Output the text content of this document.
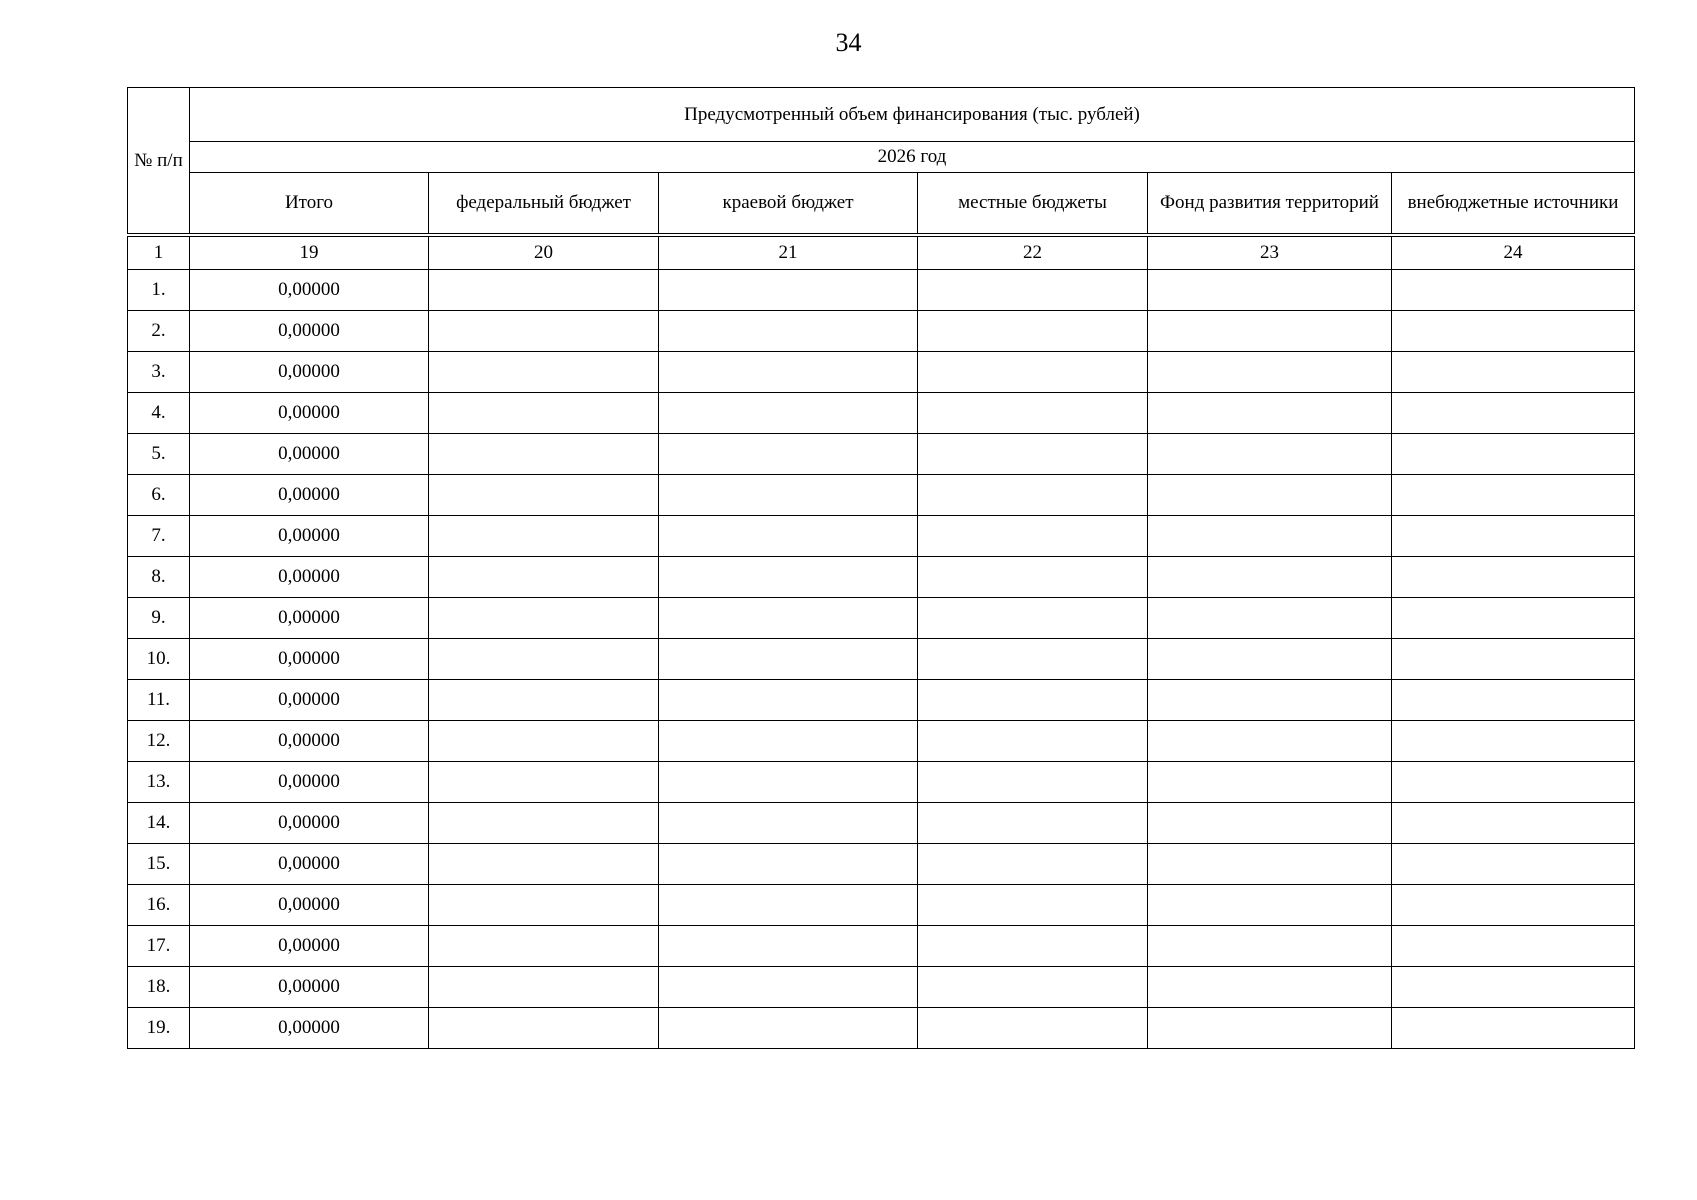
34
№ п/п	Предусмотренный объем финансирования (тыс. рублей)					
	2026 год					
	Итого	федеральный бюджет	краевой бюджет	местные бюджеты	Фонд развития территорий	внебюджетные источники
1	19	20	21	22	23	24
1.	0,00000					
2.	0,00000					
3.	0,00000					
4.	0,00000					
5.	0,00000					
6.	0,00000					
7.	0,00000					
8.	0,00000					
9.	0,00000					
10.	0,00000					
11.	0,00000					
12.	0,00000					
13.	0,00000					
14.	0,00000					
15.	0,00000					
16.	0,00000					
17.	0,00000					
18.	0,00000					
19.	0,00000					
